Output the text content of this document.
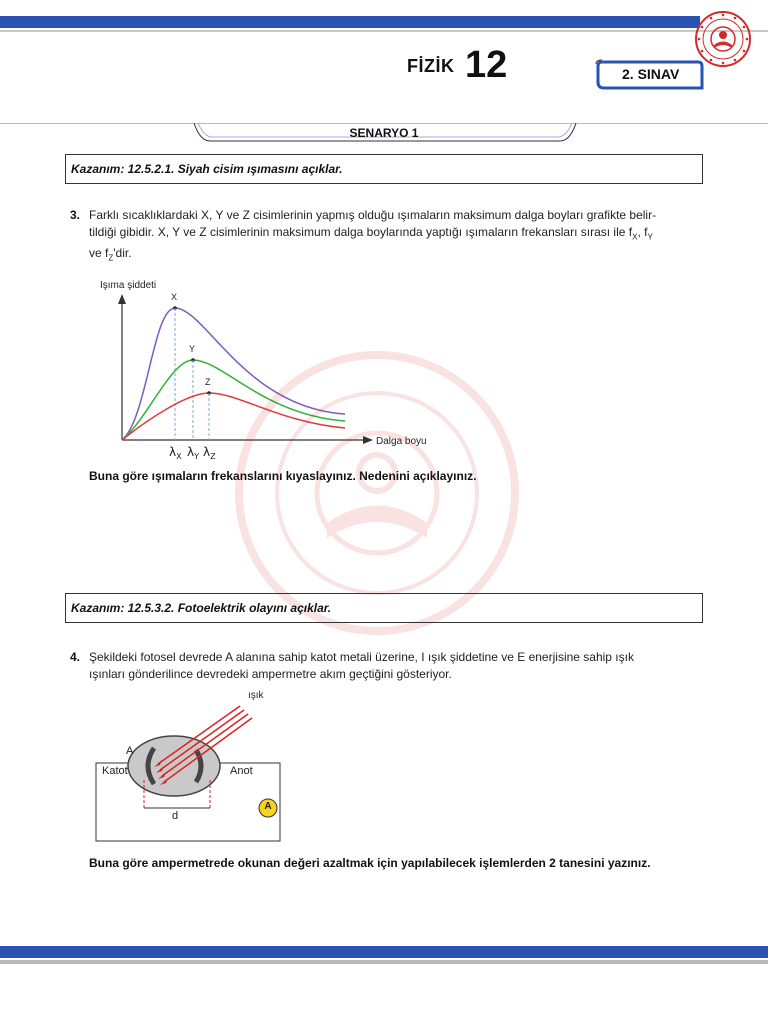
FİZİK 12	2. SINAV
SENARYO 1
Kazanım: 12.5.2.1. Siyah cisim ışımasını açıklar.
3. Farklı sıcaklıklardaki X, Y ve Z cisimlerinin yapmış olduğu ışımaların maksimum dalga boyları grafikte belir-
tildiği gibidir. X, Y ve Z cisimlerinin maksimum dalga boylarında yaptığı ışımaların frekansları sırası ile $f_X$, $f_Y$
ve $f_Z'dir$.
Işıma şiddeti
Dalga boyu
X
$\lambda_X$
Y
$\lambda_Y$
Z
$\lambda_Z$
Buna göre ışımaların frekanslarını kıyaslayınız. Nedenini açıklayınız.
Kazanım: 12.5.3.2. Fotoelektrik olayını açıklar.
4. Şekildeki fotosel devrede A alanına sahip katot metali üzerine, I ışık şiddetine ve E enerjisine sahip ışık
ışınları gönderilince devredeki ampermetre akım geçtiğini gösteriyor.
ışık
A
Katot	Anot
d
A
Buna göre ampermetrede okunan değeri azaltmak için yapılabilecek işlemlerden 2 tanesini yazınız.
